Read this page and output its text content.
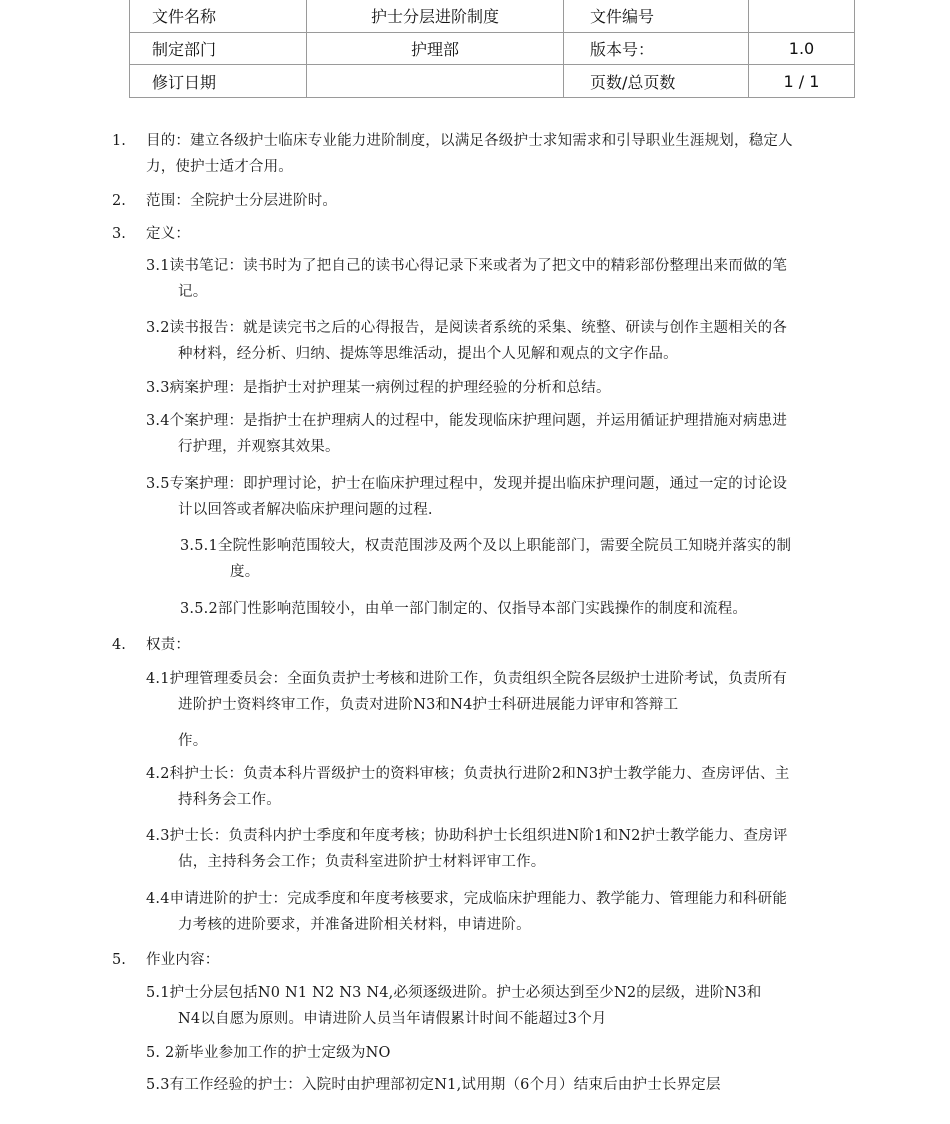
文件名称	护士分层进阶制度	文件编号	
制定部门	护理部	版本号：	1.0
修订日期		页数/总页数	1 / 1
1. 目的：建立各级护士临床专业能力进阶制度，以满足各级护士求知需求和引导职业生涯规划，稳定人
力，使护士适才合用。
2. 范围：全院护士分层进阶时。
3. 定义：
3.1读书笔记：读书时为了把自己的读书心得记录下来或者为了把文中的精彩部份整理出来而做的笔
记。
3.2读书报告：就是读完书之后的心得报告，是阅读者系统的采集、统整、研读与创作主题相关的各
种材料，经分析、归纳、提炼等思维活动，提出个人见解和观点的文字作品。
3.3病案护理：是指护士对护理某一病例过程的护理经验的分析和总结。
3.4个案护理：是指护士在护理病人的过程中，能发现临床护理问题，并运用循证护理措施对病患进
行护理，并观察其效果。
3.5专案护理：即护理讨论，护士在临床护理过程中，发现并提出临床护理问题，通过一定的讨论设
计以回答或者解决临床护理问题的过程.
3.5.1全院性影响范围较大，权责范围涉及两个及以上职能部门，需要全院员工知晓并落实的制
度。
3.5.2部门性影响范围较小，由单一部门制定的、仅指导本部门实践操作的制度和流程。
4. 权责：
4.1护理管理委员会：全面负责护士考核和进阶工作，负责组织全院各层级护士进阶考试，负责所有
进阶护士资料终审工作，负责对进阶N3和N4护士科研进展能力评审和答辩工
作。
4.2科护士长：负责本科片晋级护士的资料审核；负责执行进阶2和N3护士教学能力、查房评估、主
持科务会工作。
4.3护士长：负责科内护士季度和年度考核；协助科护士长组织进N阶1和N2护士教学能力、查房评
估，主持科务会工作；负责科室进阶护士材料评审工作。
4.4申请进阶的护士：完成季度和年度考核要求，完成临床护理能力、教学能力、管理能力和科研能
力考核的进阶要求，并准备进阶相关材料，申请进阶。
5. 作业内容：
5.1护士分层包括N0 N1 N2 N3 N4,必须逐级进阶。护士必须达到至少N2的层级，进阶N3和
N4以自愿为原则。申请进阶人员当年请假累计时间不能超过3个月
5. 2新毕业参加工作的护士定级为NO
5.3有工作经验的护士：入院时由护理部初定N1,试用期（6个月）结束后由护士长界定层
